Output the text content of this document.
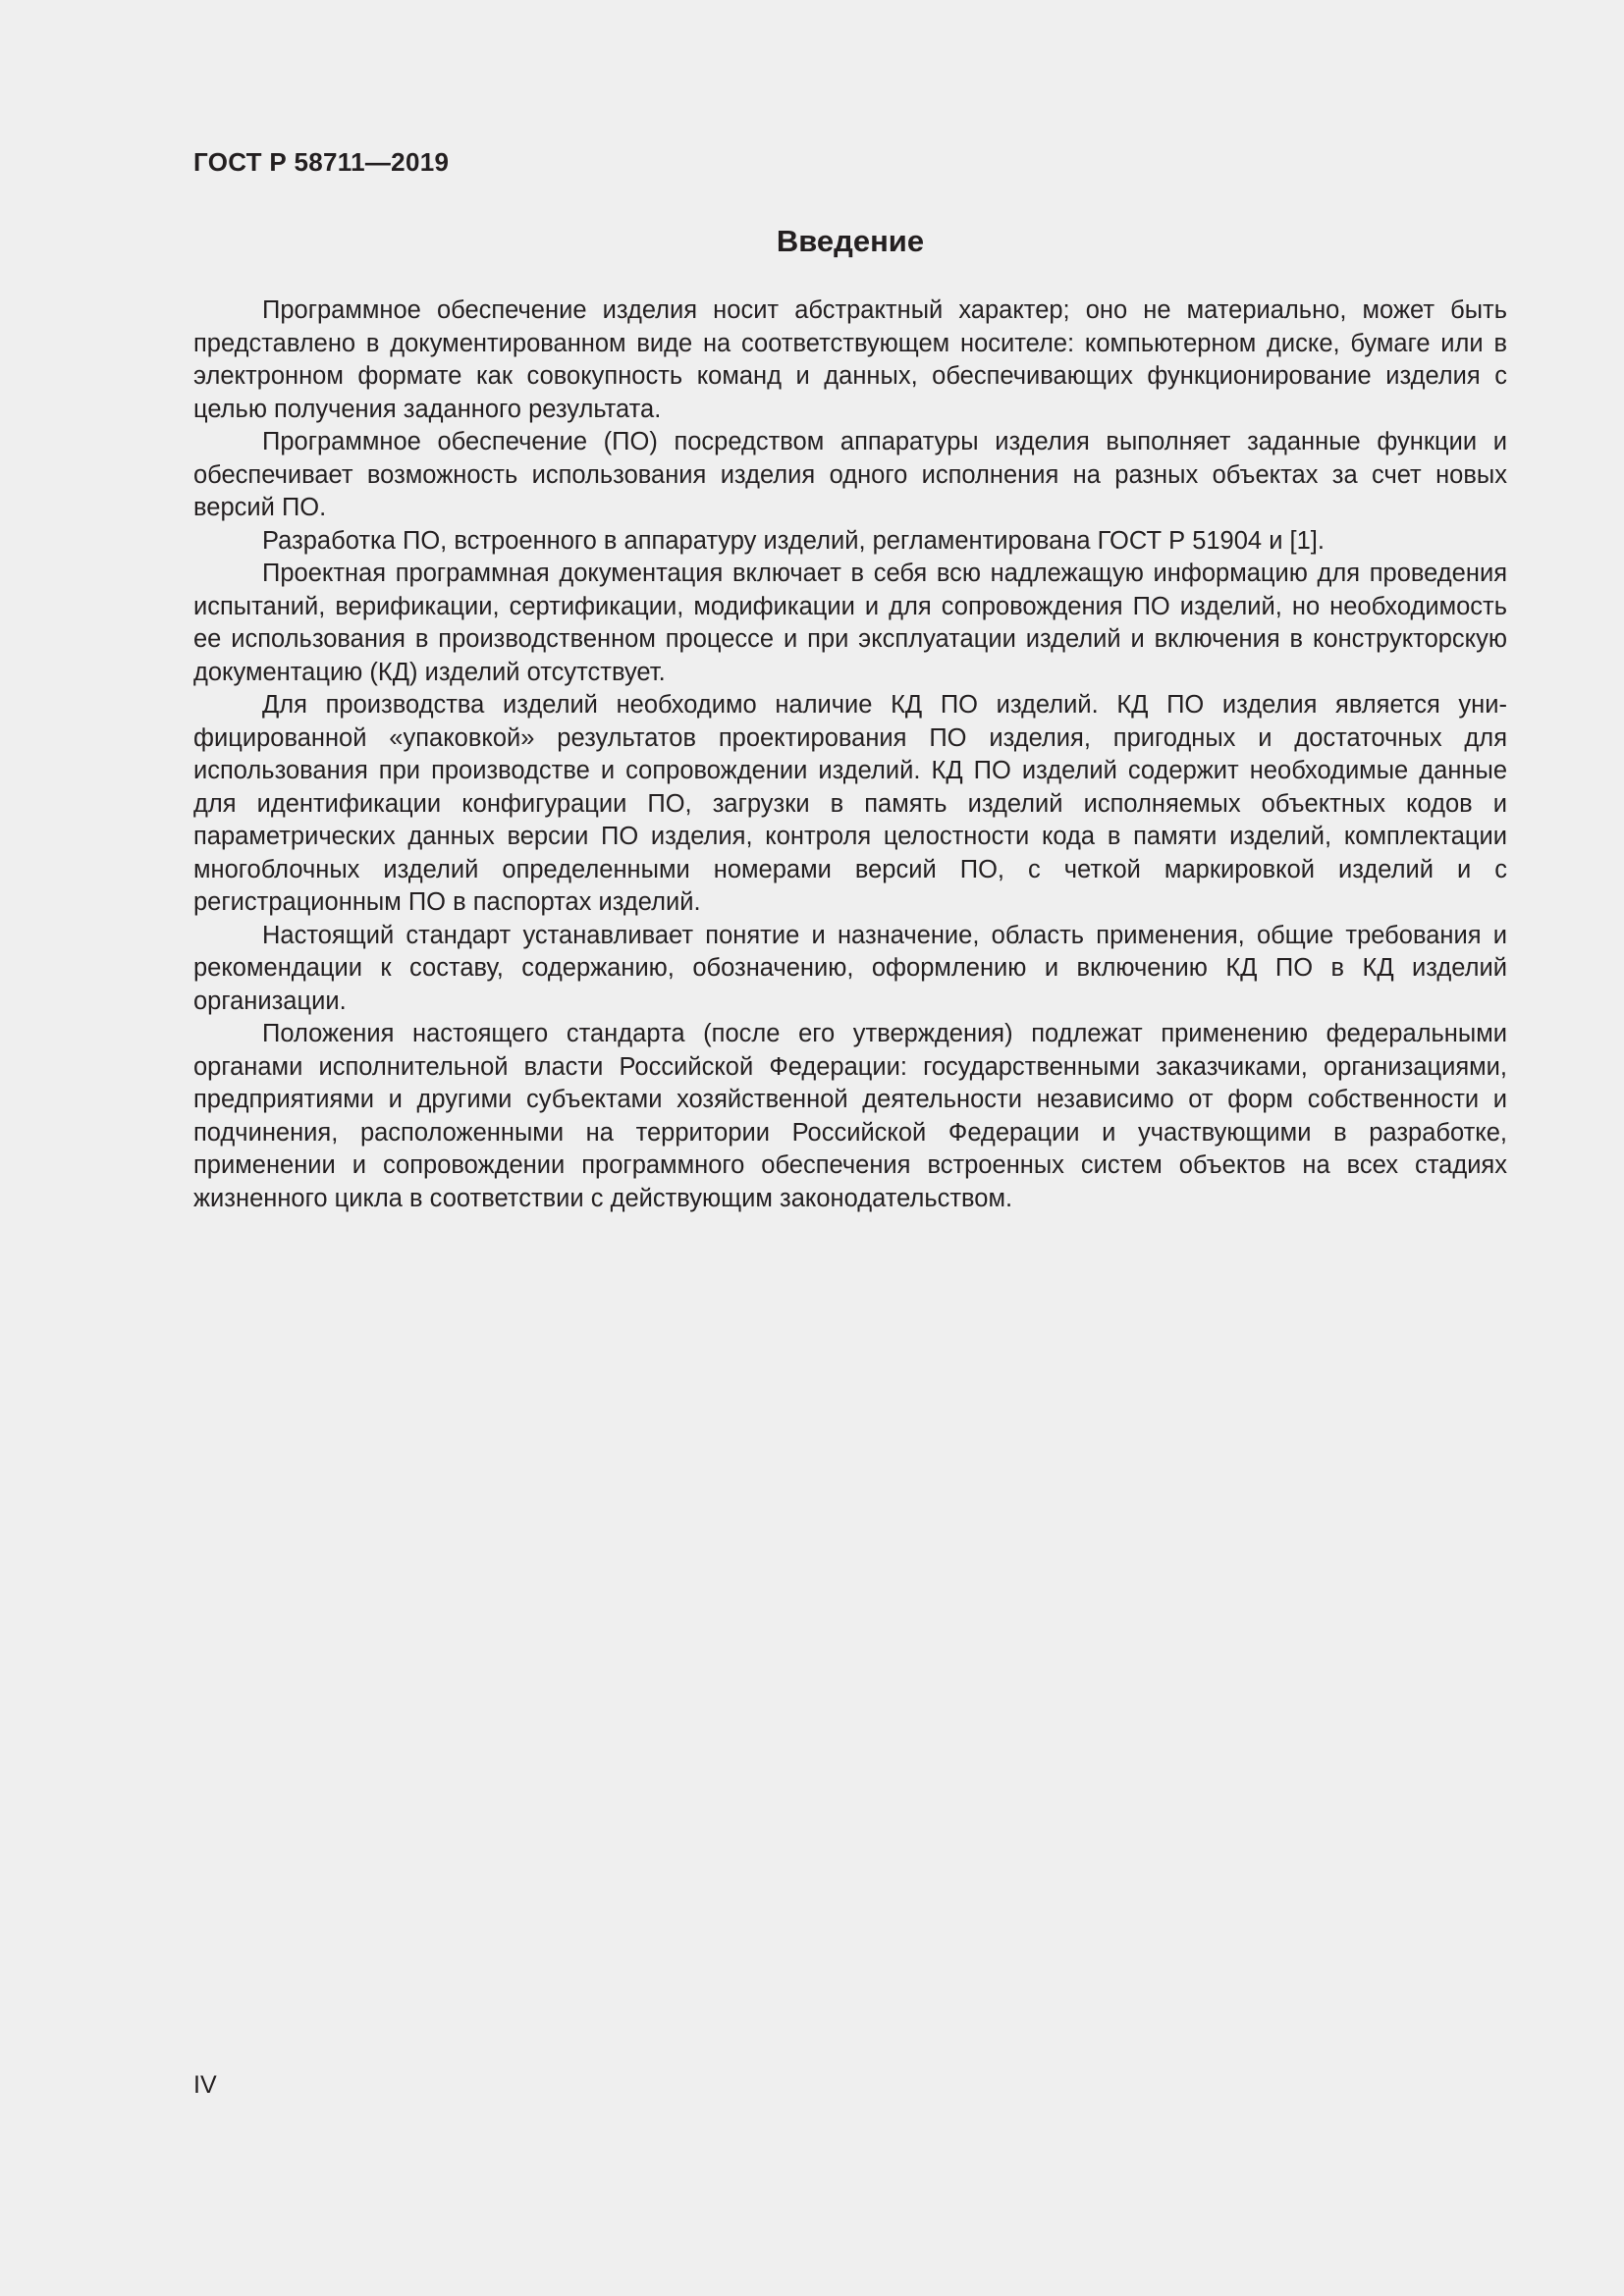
ГОСТ Р 58711—2019
Введение

Программное обеспечение изделия носит абстрактный характер; оно не материально, может быть представлено в документированном виде на соответствующем носителе: компьютерном диске, бумаге или в электронном формате как совокупность команд и данных, обеспечивающих функционирование изделия с целью получения заданного результата.

Программное обеспечение (ПО) посредством аппаратуры изделия выполняет заданные функции и обеспечивает возможность использования изделия одного исполнения на разных объектах за счет новых версий ПО.

Разработка ПО, встроенного в аппаратуру изделий, регламентирована ГОСТ Р 51904 и [1].

Проектная программная документация включает в себя всю надлежащую информацию для проведения испытаний, верификации, сертификации, модификации и для сопровождения ПО изделий, но необходимость ее использования в производственном процессе и при эксплуатации изделий и включения в конструкторскую документацию (КД) изделий отсутствует.

Для производства изделий необходимо наличие КД ПО изделий. КД ПО изделия является унифицированной «упаковкой» результатов проектирования ПО изделия, пригодных и достаточных для использования при производстве и сопровождении изделий. КД ПО изделий содержит необходимые данные для идентификации конфигурации ПО, загрузки в память изделий исполняемых объектных кодов и параметрических данных версии ПО изделия, контроля целостности кода в памяти изделий, комплектации многоблочных изделий определенными номерами версий ПО, с четкой маркировкой изделий и с регистрационным ПО в паспортах изделий.

Настоящий стандарт устанавливает понятие и назначение, область применения, общие требования и рекомендации к составу, содержанию, обозначению, оформлению и включению КД ПО в КД изделий организации.

Положения настоящего стандарта (после его утверждения) подлежат применению федеральными органами исполнительной власти Российской Федерации: государственными заказчиками, организациями, предприятиями и другими субъектами хозяйственной деятельности независимо от форм собственности и подчинения, расположенными на территории Российской Федерации и участвующими в разработке, применении и сопровождении программного обеспечения встроенных систем объектов на всех стадиях жизненного цикла в соответствии с действующим законодательством.

IV
